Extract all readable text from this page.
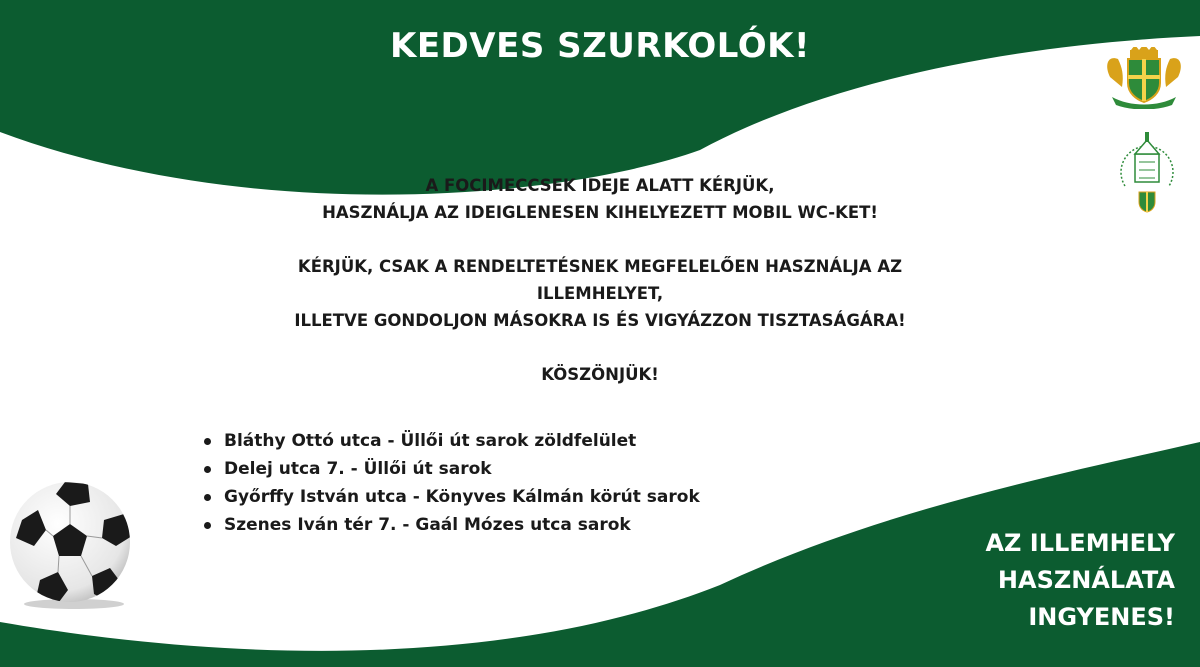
KEDVES SZURKOLÓK!

A FOCIMECCSEK IDEJE ALATT KÉRJÜK,

HASZNÁLJA AZ IDEIGLENESEN KIHELYEZETT MOBIL WC-KET!

KÉRJÜK, CSAK A RENDELTETÉSNEK MEGFELELŐEN HASZNÁLJA AZ

ILLEMHELYET,

ILLETVE GONDOLJON MÁSOKRA IS ÉS VIGYÁZZON TISZTASÁGÁRA!

KÖSZÖNJÜK!

Bláthy Ottó utca - Üllői út sarok zöldfelület
Delej utca 7. - Üllői út sarok
Győrffy István utca - Könyves Kálmán körút sarok
Szenes Iván tér 7. - Gaál Mózes utca sarok
AZ ILLEMHELY
HASZNÁLATA
INGYENES!
